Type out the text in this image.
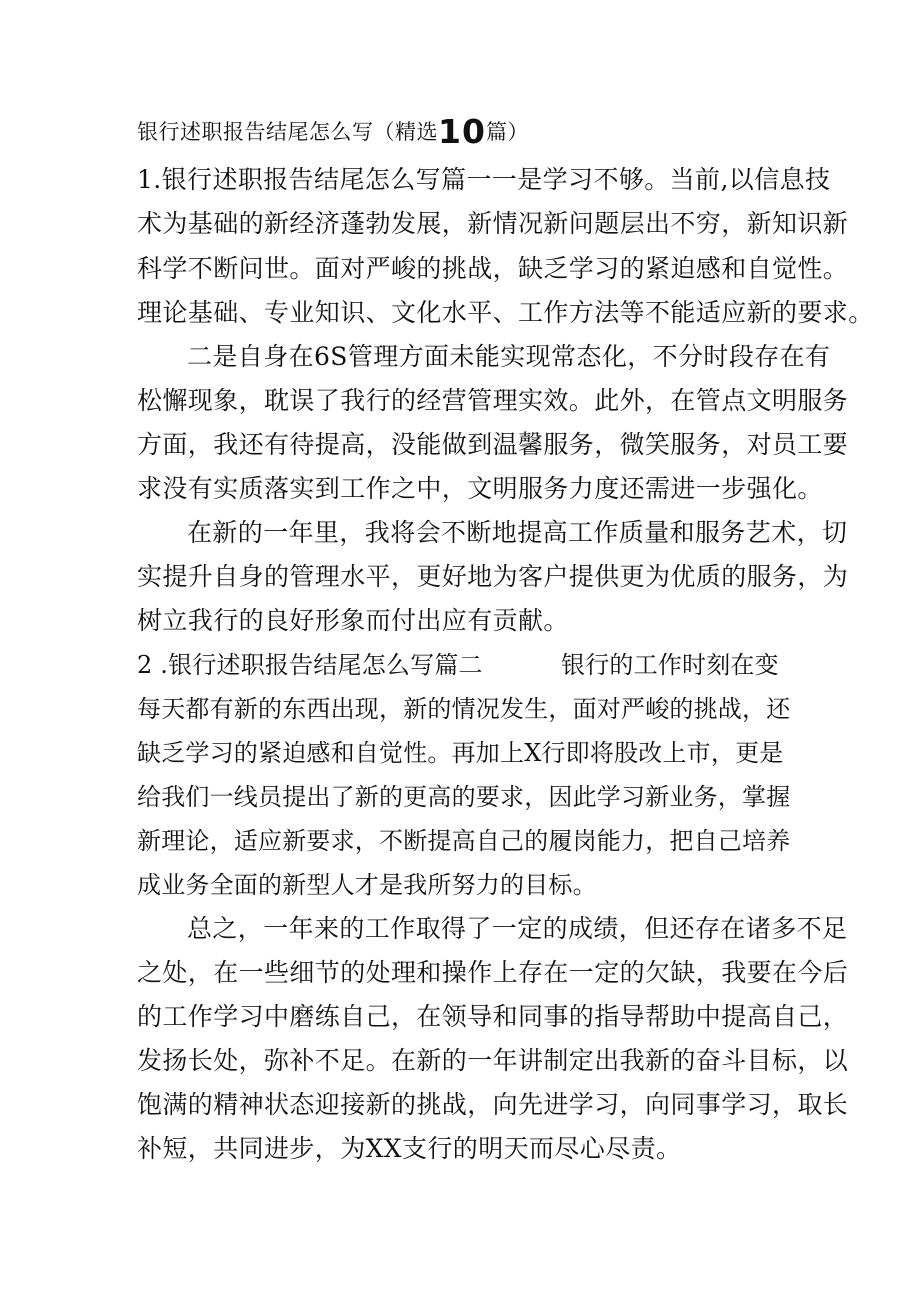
银行述职报告结尾怎么写（精选10篇）
1.银行述职报告结尾怎么写篇一一是学习不够。当前,以信息技
术为基础的新经济蓬勃发展，新情况新问题层出不穷，新知识新
科学不断问世。面对严峻的挑战，缺乏学习的紧迫感和自觉性。
理论基础、专业知识、文化水平、工作方法等不能适应新的要求。
二是自身在6S管理方面未能实现常态化，不分时段存在有
松懈现象，耽误了我行的经营管理实效。此外，在管点文明服务
方面，我还有待提高，没能做到温馨服务，微笑服务，对员工要
求没有实质落实到工作之中，文明服务力度还需进一步强化。
在新的一年里，我将会不断地提高工作质量和服务艺术，切
实提升自身的管理水平，更好地为客户提供更为优质的服务，为
树立我行的良好形象而付出应有贡献。
2 .银行述职报告结尾怎么写篇二          银行的工作时刻在变
每天都有新的东西出现，新的情况发生，面对严峻的挑战，还
缺乏学习的紧迫感和自觉性。再加上X行即将股改上市，更是
给我们一线员提出了新的更高的要求，因此学习新业务，掌握
新理论，适应新要求，不断提高自己的履岗能力，把自己培养
成业务全面的新型人才是我所努力的目标。
总之，一年来的工作取得了一定的成绩，但还存在诸多不足
之处，在一些细节的处理和操作上存在一定的欠缺，我要在今后
的工作学习中磨练自己，在领导和同事的指导帮助中提高自己，
发扬长处，弥补不足。在新的一年讲制定出我新的奋斗目标，以
饱满的精神状态迎接新的挑战，向先进学习，向同事学习，取长
补短，共同进步，为XX支行的明天而尽心尽责。
